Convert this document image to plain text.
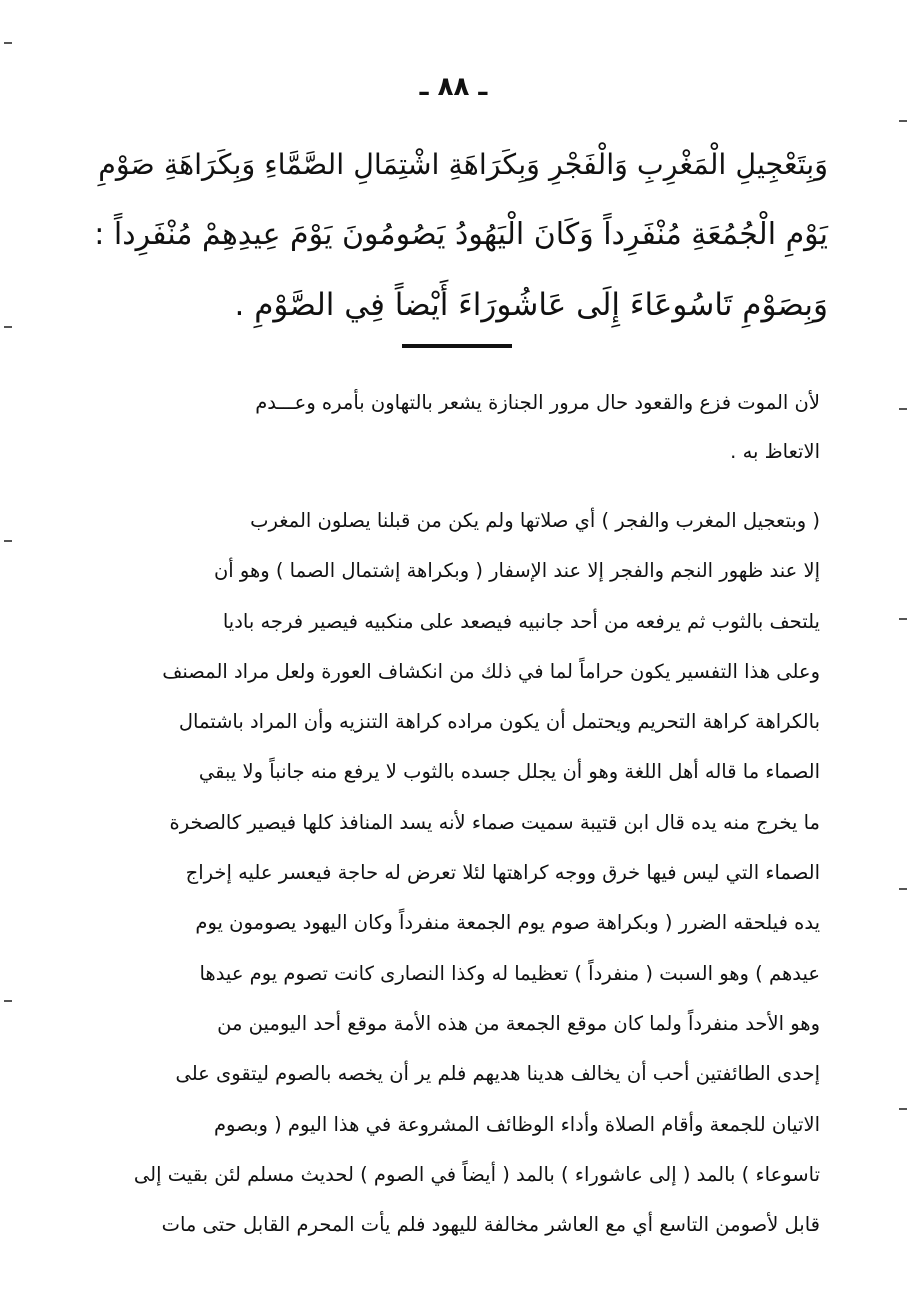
ـ ٨٨ ـ
وَبِتَعْجِيلِ الْمَغْرِبِ وَالْفَجْرِ وَبِكَرَاهَةِ اشْتِمَالِ الصَّمَّاءِ وَبِكَرَاهَةِ صَوْمِ
يَوْمِ الْجُمُعَةِ مُنْفَرِداً وَكَانَ الْيَهُودُ يَصُومُونَ يَوْمَ عِيدِهِمْ مُنْفَرِداً :
وَبِصَوْمِ تَاسُوعَاءَ إِلَى عَاشُورَاءَ أَيْضاً فِي الصَّوْمِ .
لأن الموت فزع والقعود حال مرور الجنازة يشعر بالتهاون بأمره وعـــدم
الاتعاظ به .
( وبتعجيل المغرب والفجر ) أي صلاتها ولم يكن من قبلنا يصلون المغرب
إلا عند ظهور النجم والفجر إلا عند الإسفار ( وبكراهة إشتمال الصما ) وهو أن
يلتحف بالثوب ثم يرفعه من أحد جانبيه فيصعد على منكبيه فيصير فرجه باديا
وعلى هذا التفسير يكون حراماً لما في ذلك من انكشاف العورة ولعل مراد المصنف
بالكراهة كراهة التحريم ويحتمل أن يكون مراده كراهة التنزيه وأن المراد باشتمال
الصماء ما قاله أهل اللغة وهو أن يجلل جسده بالثوب لا يرفع منه جانباً ولا يبقي
ما يخرج منه يده قال ابن قتيبة سميت صماء لأنه يسد المنافذ كلها فيصير كالصخرة
الصماء التي ليس فيها خرق ووجه كراهتها لئلا تعرض له حاجة فيعسر عليه إخراج
يده فيلحقه الضرر ( وبكراهة صوم يوم الجمعة منفرداً وكان اليهود يصومون يوم
عيدهم ) وهو السبت ( منفرداً ) تعظيما له وكذا النصارى كانت تصوم يوم عيدها
وهو الأحد منفرداً ولما كان موقع الجمعة من هذه الأمة موقع أحد اليومين من
إحدى الطائفتين أحب أن يخالف هدينا هديهم فلم ير أن يخصه بالصوم ليتقوى على
الاتيان للجمعة وأقام الصلاة وأداء الوظائف المشروعة في هذا اليوم ( وبصوم
تاسوعاء ) بالمد ( إلى عاشوراء ) بالمد ( أيضاً في الصوم ) لحديث مسلم لئن بقيت إلى
قابل لأصومن التاسع أي مع العاشر مخالفة لليهود فلم يأت المحرم القابل حتى مات
